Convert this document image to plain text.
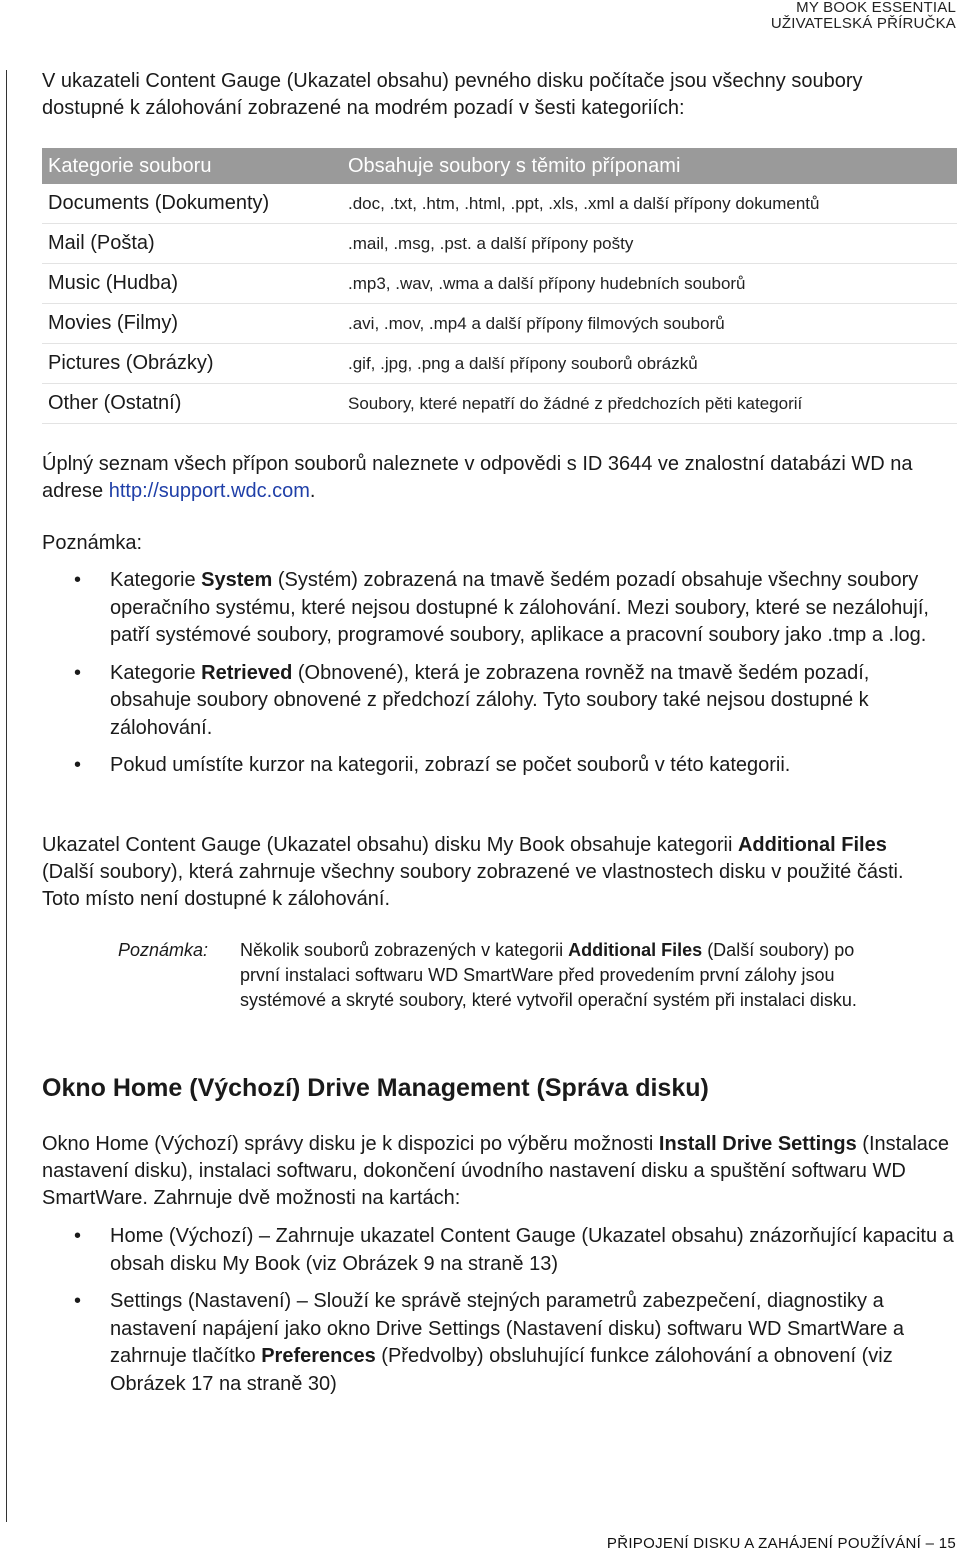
MY BOOK ESSENTIAL
UŽIVATELSKÁ PŘÍRUČKA

V ukazateli Content Gauge (Ukazatel obsahu) pevného disku počítače jsou všechny soubory dostupné k zálohování zobrazené na modrém pozadí v šesti kategoriích:

Kategorie souboru	Obsahuje soubory s těmito příponami
Documents (Dokumenty)	.doc, .txt, .htm, .html, .ppt, .xls, .xml a další přípony dokumentů
Mail (Pošta)	.mail, .msg, .pst. a další přípony pošty
Music (Hudba)	.mp3, .wav, .wma a další přípony hudebních souborů
Movies (Filmy)	.avi, .mov, .mp4 a další přípony filmových souborů
Pictures (Obrázky)	.gif, .jpg, .png a další přípony souborů obrázků
Other (Ostatní)	Soubory, které nepatří do žádné z předchozích pěti kategorií

Úplný seznam všech přípon souborů naleznete v odpovědi s ID 3644 ve znalostní databázi WD na adrese http://support.wdc.com.

Poznámka:

• Kategorie System (Systém) zobrazená na tmavě šedém pozadí obsahuje všechny soubory operačního systému, které nejsou dostupné k zálohování. Mezi soubory, které se nezálohují, patří systémové soubory, programové soubory, aplikace a pracovní soubory jako .tmp a .log.
• Kategorie Retrieved (Obnovené), která je zobrazena rovněž na tmavě šedém pozadí, obsahuje soubory obnovené z předchozí zálohy. Tyto soubory také nejsou dostupné k zálohování.
• Pokud umístíte kurzor na kategorii, zobrazí se počet souborů v této kategorii.

Ukazatel Content Gauge (Ukazatel obsahu) disku My Book obsahuje kategorii Additional Files (Další soubory), která zahrnuje všechny soubory zobrazené ve vlastnostech disku v použité části. Toto místo není dostupné k zálohování.

Poznámka: Několik souborů zobrazených v kategorii Additional Files (Další soubory) po první instalaci softwaru WD SmartWare před provedením první zálohy jsou systémové a skryté soubory, které vytvořil operační systém při instalaci disku.
Okno Home (Výchozí) Drive Management (Správa disku)

Okno Home (Výchozí) správy disku je k dispozici po výběru možnosti Install Drive Settings (Instalace nastavení disku), instalaci softwaru, dokončení úvodního nastavení disku a spuštění softwaru WD SmartWare. Zahrnuje dvě možnosti na kartách:

• Home (Výchozí) – Zahrnuje ukazatel Content Gauge (Ukazatel obsahu) znázorňující kapacitu a obsah disku My Book (viz Obrázek 9 na straně 13)
• Settings (Nastavení) – Slouží ke správě stejných parametrů zabezpečení, diagnostiky a nastavení napájení jako okno Drive Settings (Nastavení disku) softwaru WD SmartWare a zahrnuje tlačítko Preferences (Předvolby) obsluhující funkce zálohování a obnovení (viz Obrázek 17 na straně 30)
PŘIPOJENÍ DISKU A ZAHÁJENÍ POUŽÍVÁNÍ – 15
